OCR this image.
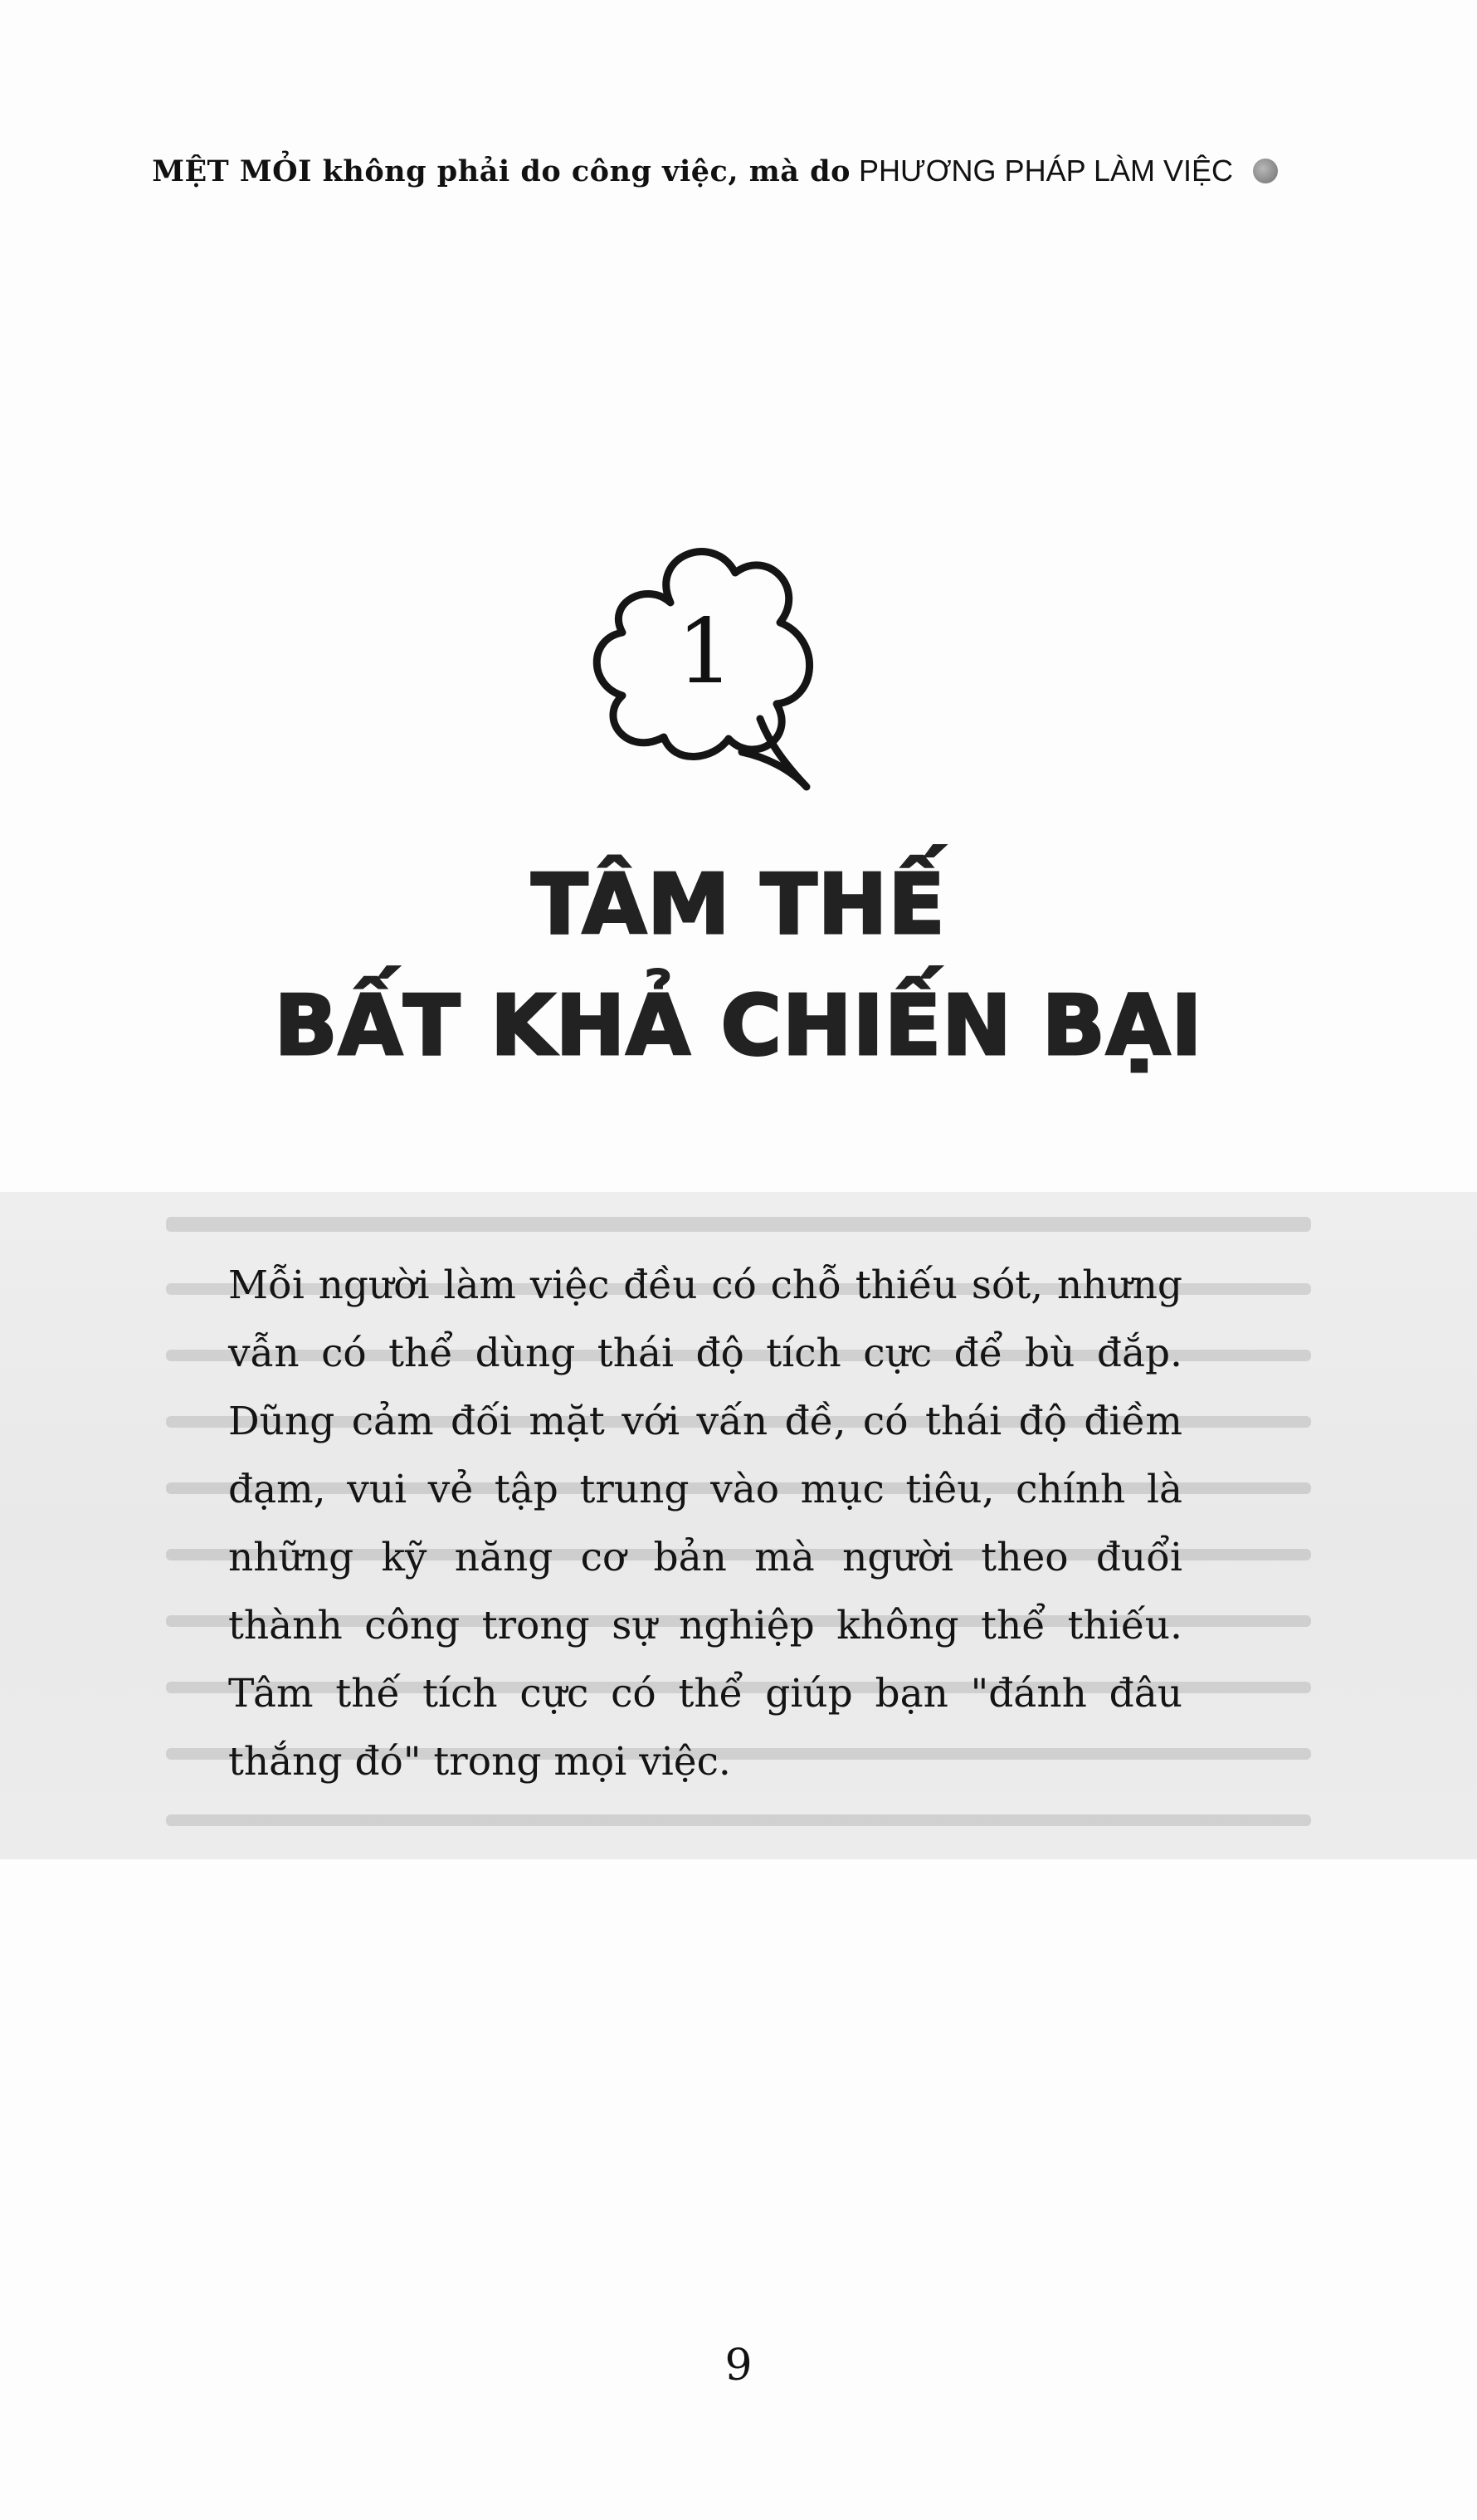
MỆT MỎI không phải do công việc, mà do PHƯƠNG PHÁP LÀM VIỆC
1
TÂM THẾ
BẤT KHẢ CHIẾN BẠI
Mỗi người làm việc đều có chỗ thiếu sót, nhưng
vẫn có thể dùng thái độ tích cực để bù đắp.
Dũng cảm đối mặt với vấn đề, có thái độ điềm
đạm, vui vẻ tập trung vào mục tiêu, chính là
những kỹ năng cơ bản mà người theo đuổi
thành công trong sự nghiệp không thể thiếu.
Tâm thế tích cực có thể giúp bạn "đánh đâu
thắng đó" trong mọi việc.
9
